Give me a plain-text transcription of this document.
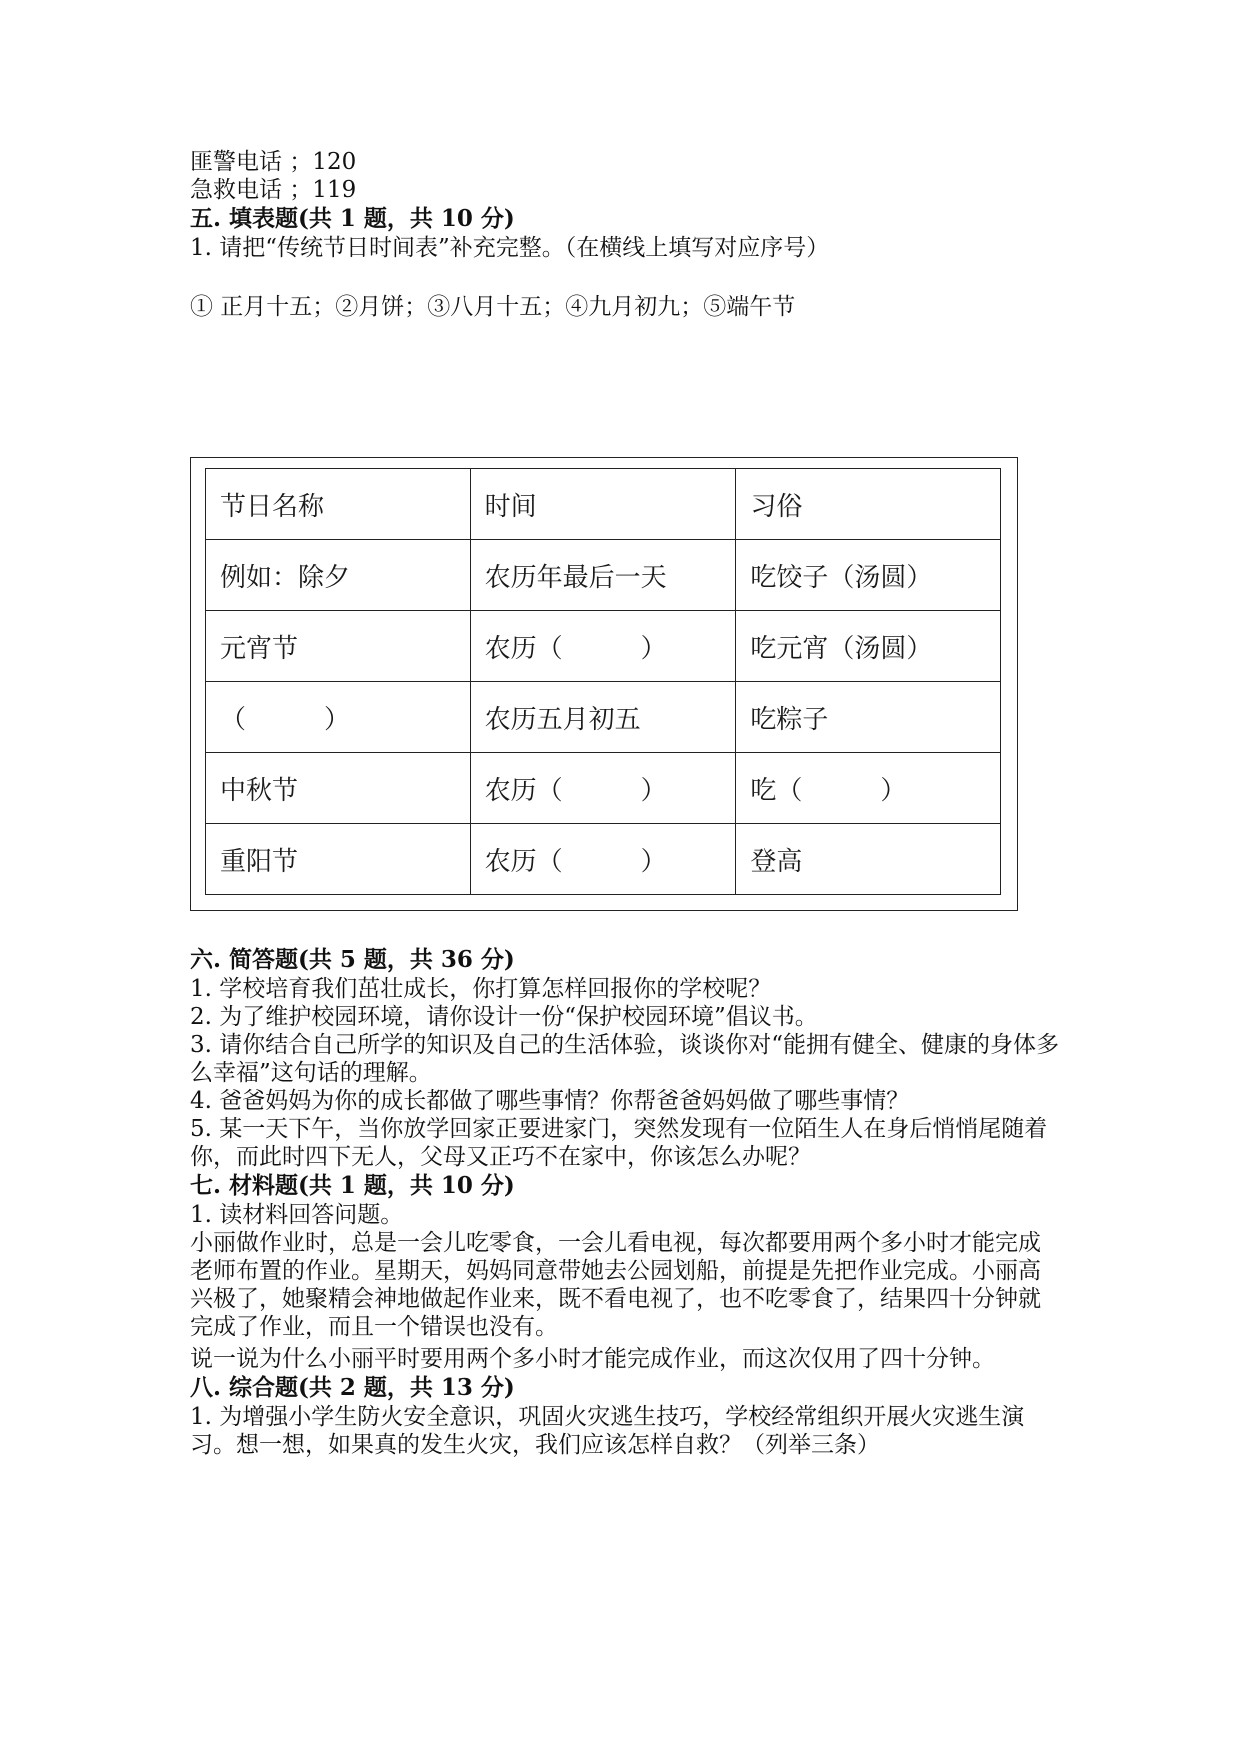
匪警电话 ；120
急救电话 ；119
五. 填表题(共 1 题，共 10 分)
1. 请把“传统节日时间表”补充完整。（在横线上填写对应序号）
① 正月十五；②月饼；③八月十五；④九月初九；⑤端午节
节日名称	时间	习俗
例如：除夕	农历年最后一天	吃饺子（汤圆）
元宵节	农历（　　　）	吃元宵（汤圆）
（　　　）	农历五月初五	吃粽子
中秋节	农历（　　　）	吃（　　　）
重阳节	农历（　　　）	登高
六. 简答题(共 5 题，共 36 分)
1. 学校培育我们茁壮成长，你打算怎样回报你的学校呢？
2. 为了维护校园环境，请你设计一份“保护校园环境”倡议书。
3. 请你结合自己所学的知识及自己的生活体验，谈谈你对“能拥有健全、健康的身体多么幸福”这句话的理解。
4. 爸爸妈妈为你的成长都做了哪些事情？你帮爸爸妈妈做了哪些事情？
5. 某一天下午，当你放学回家正要进家门，突然发现有一位陌生人在身后悄悄尾随着你，而此时四下无人，父母又正巧不在家中，你该怎么办呢？
七. 材料题(共 1 题，共 10 分)
1. 读材料回答问题。
小丽做作业时，总是一会儿吃零食，一会儿看电视，每次都要用两个多小时才能完成老师布置的作业。星期天，妈妈同意带她去公园划船，前提是先把作业完成。小丽高兴极了，她聚精会神地做起作业来，既不看电视了，也不吃零食了，结果四十分钟就完成了作业，而且一个错误也没有。
说一说为什么小丽平时要用两个多小时才能完成作业，而这次仅用了四十分钟。
八. 综合题(共 2 题，共 13 分)
1. 为增强小学生防火安全意识，巩固火灾逃生技巧，学校经常组织开展火灾逃生演习。想一想，如果真的发生火灾，我们应该怎样自救？（列举三条）
